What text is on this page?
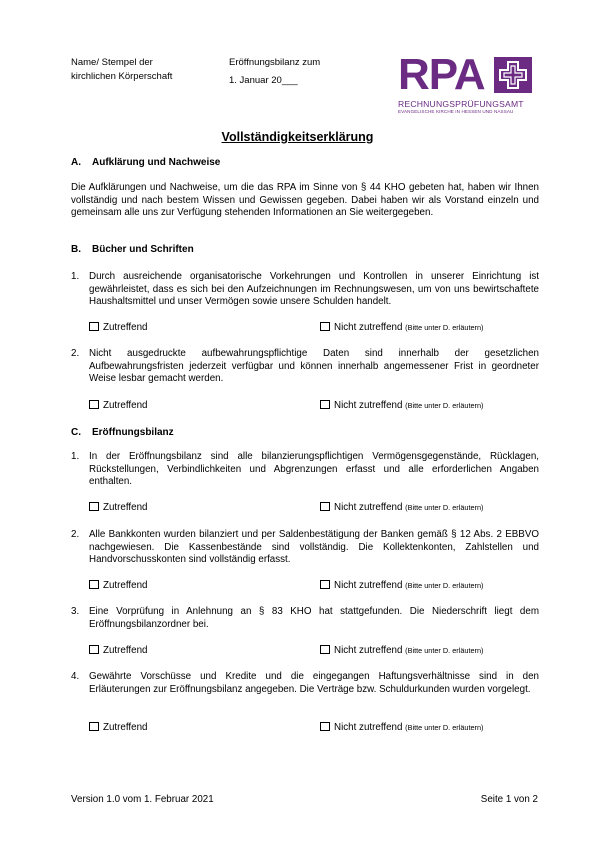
Name/ Stempel der
kirchlichen Körperschaft
Eröffnungsbilanz zum
1. Januar 20___	RPA
RECHNUNGSPRÜFUNGSAMT
EVANGELISCHE KIRCHE IN HESSEN UND NASSAU
Vollständigkeitserklärung
A. Aufklärung und Nachweise
Die Aufklärungen und Nachweise, um die das RPA im Sinne von § 44 KHO gebeten hat, haben wir Ihnen vollständig und nach bestem Wissen und Gewissen gegeben. Dabei haben wir als Vorstand einzeln und gemeinsam alle uns zur Verfügung stehenden Informationen an Sie weitergegeben.
B. Bücher und Schriften
1. Durch ausreichende organisatorische Vorkehrungen und Kontrollen in unserer Einrichtung ist gewährleistet, dass es sich bei den Aufzeichnungen im Rechnungswesen, um von uns bewirtschaftete Haushaltsmittel und unser Vermögen sowie unsere Schulden handelt.
Zutreffend	Nicht zutreffend (Bitte unter D. erläutern)
2. Nicht ausgedruckte aufbewahrungspflichtige Daten sind innerhalb der gesetzlichen Aufbewahrungsfristen jederzeit verfügbar und können innerhalb angemessener Frist in geordneter Weise lesbar gemacht werden.
Zutreffend	Nicht zutreffend (Bitte unter D. erläutern)
C. Eröffnungsbilanz
1. In der Eröffnungsbilanz sind alle bilanzierungspflichtigen Vermögensgegenstände, Rücklagen, Rückstellungen, Verbindlichkeiten und Abgrenzungen erfasst und alle erforderlichen Angaben enthalten.
Zutreffend	Nicht zutreffend (Bitte unter D. erläutern)
2. Alle Bankkonten wurden bilanziert und per Saldenbestätigung der Banken gemäß § 12 Abs. 2 EBBVO nachgewiesen. Die Kassenbestände sind vollständig. Die Kollektenkonten, Zahlstellen und Handvorschusskonten sind vollständig erfasst.
Zutreffend	Nicht zutreffend (Bitte unter D. erläutern)
3. Eine Vorprüfung in Anlehnung an § 83 KHO hat stattgefunden. Die Niederschrift liegt dem Eröffnungsbilanzordner bei.
Zutreffend	Nicht zutreffend (Bitte unter D. erläutern)
4. Gewährte Vorschüsse und Kredite und die eingegangen Haftungsverhältnisse sind in den Erläuterungen zur Eröffnungsbilanz angegeben. Die Verträge bzw. Schuldurkunden wurden vorgelegt.
Zutreffend	Nicht zutreffend (Bitte unter D. erläutern)
Version 1.0 vom 1. Februar 2021	Seite 1 von 2
